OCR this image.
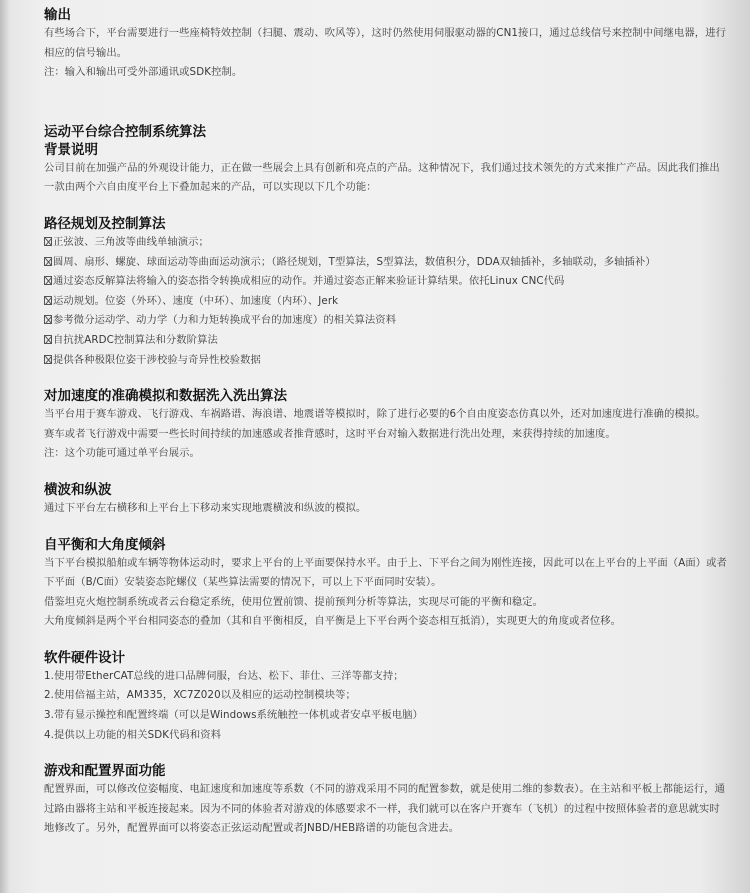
输出

有些场合下，平台需要进行一些座椅特效控制（扫腿、震动、吹风等），这时仍然使用伺服驱动器的CN1接口，通过总线信号来控制中间继电器，进行相应的信号输出。

注：输入和输出可受外部通讯或SDK控制。

运动平台综合控制系统算法
背景说明

公司目前在加强产品的外观设计能力，正在做一些展会上具有创新和亮点的产品。这种情况下，我们通过技术领先的方式来推广产品。因此我们推出一款由两个六自由度平台上下叠加起来的产品，可以实现以下几个功能：

路径规划及控制算法

正弦波、三角波等曲线单轴演示；
圆周、扇形、螺旋、球面运动等曲面运动演示；（路径规划，T型算法，S型算法，数值积分，DDA双轴插补，多轴联动，多轴插补）
通过姿态反解算法将输入的姿态指令转换成相应的动作。并通过姿态正解来验证计算结果。依托Linux CNC代码
运动规划。位姿（外环）、速度（中环）、加速度（内环）、Jerk
参考微分运动学、动力学（力和力矩转换成平台的加速度）的相关算法资料
自抗扰ARDC控制算法和分数阶算法
提供各种极限位姿干涉校验与奇异性校验数据

对加速度的准确模拟和数据洗入洗出算法

当平台用于赛车游戏、飞行游戏、车祸路谱、海浪谱、地震谱等模拟时，除了进行必要的6个自由度姿态仿真以外，还对加速度进行准确的模拟。

赛车或者飞行游戏中需要一些长时间持续的加速感或者推背感时，这时平台对输入数据进行洗出处理，来获得持续的加速度。

注：这个功能可通过单平台展示。

横波和纵波

通过下平台左右横移和上平台上下移动来实现地震横波和纵波的模拟。

自平衡和大角度倾斜

当下平台模拟船舶或车辆等物体运动时，要求上平台的上平面要保持水平。由于上、下平台之间为刚性连接，因此可以在上平台的上平面（A面）或者下平面（B/C面）安装姿态陀螺仪（某些算法需要的情况下，可以上下平面同时安装）。

借鉴坦克火炮控制系统或者云台稳定系统，使用位置前馈、提前预判分析等算法，实现尽可能的平衡和稳定。

大角度倾斜是两个平台相同姿态的叠加（其和自平衡相反，自平衡是上下平台两个姿态相互抵消），实现更大的角度或者位移。

软件硬件设计

1.使用带EtherCAT总线的进口品牌伺服，台达、松下、菲仕、三洋等都支持；
2.使用倍福主站，AM335，XC7Z020以及相应的运动控制模块等；
3.带有显示操控和配置终端（可以是Windows系统触控一体机或者安卓平板电脑）
4.提供以上功能的相关SDK代码和资料

游戏和配置界面功能

配置界面，可以修改位姿幅度、电缸速度和加速度等系数（不同的游戏采用不同的配置参数，就是使用二维的参数表）。在主站和平板上都能运行，通过路由器将主站和平板连接起来。因为不同的体验者对游戏的体感要求不一样，我们就可以在客户开赛车（飞机）的过程中按照体验者的意思就实时地修改了。另外，配置界面可以将姿态正弦运动配置或者JNBD/HEB路谱的功能包含进去。
